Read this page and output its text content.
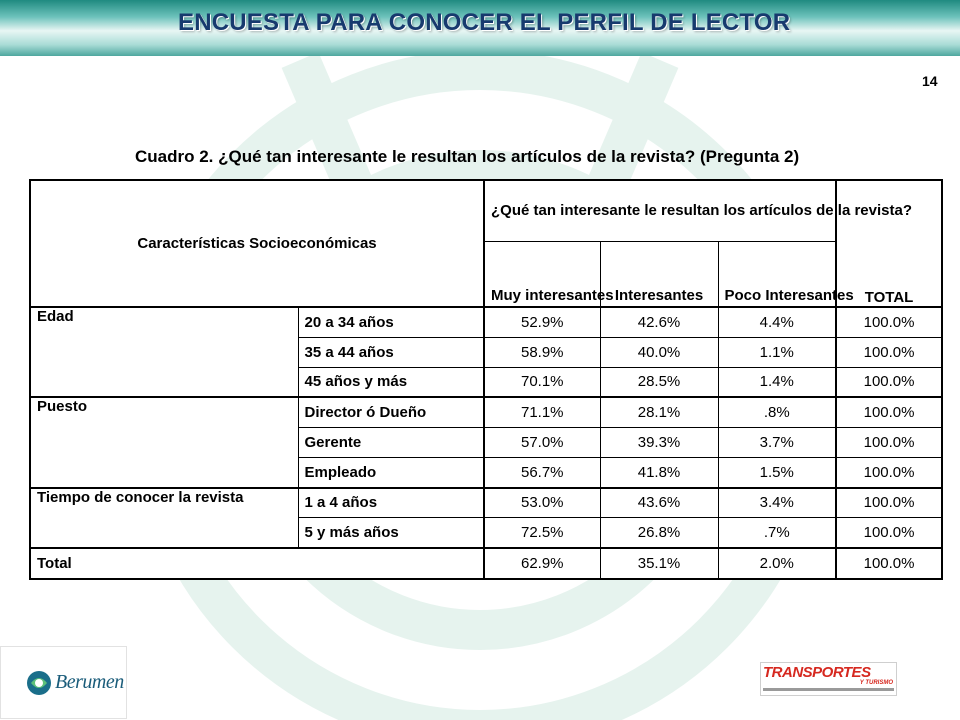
ENCUESTA PARA CONOCER EL PERFIL DE LECTOR
14
Cuadro 2. ¿Qué tan interesante le resultan los artículos de la revista? (Pregunta 2)
Características Socioeconómicas		¿Qué tan interesante le resultan los artículos de la revista?			TOTAL
		Muy interesantes	Interesantes	Poco Interesantes	
Edad	20 a 34 años	52.9%	42.6%	4.4%	100.0%
	35 a 44 años	58.9%	40.0%	1.1%	100.0%
	45 años y más	70.1%	28.5%	1.4%	100.0%
Puesto	Director ó Dueño	71.1%	28.1%	.8%	100.0%
	Gerente	57.0%	39.3%	3.7%	100.0%
	Empleado	56.7%	41.8%	1.5%	100.0%
Tiempo de conocer la revista	1 a 4 años	53.0%	43.6%	3.4%	100.0%
	5 y más años	72.5%	26.8%	.7%	100.0%
Total		62.9%	35.1%	2.0%	100.0%
Berumen	TRANSPORTES
Y TURISMO
